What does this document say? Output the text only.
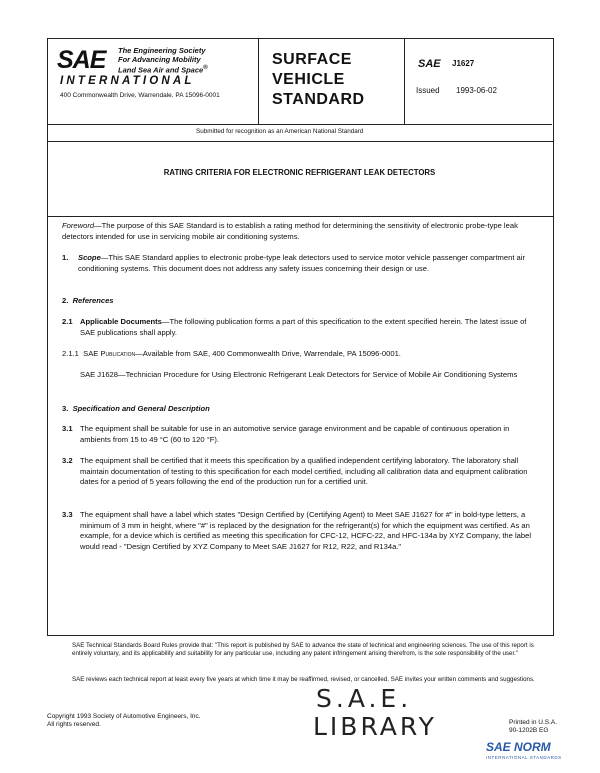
SAE The Engineering Society
For Advancing Mobility
Land Sea Air and Space®
INTERNATIONAL
400 Commonwealth Drive, Warrendale, PA 15096-0001
SURFACE
VEHICLE
STANDARD
SAE J1627
Issued 1993-06-02
Submitted for recognition as an American National Standard
RATING CRITERIA FOR ELECTRONIC REFRIGERANT LEAK DETECTORS
Foreword—The purpose of this SAE Standard is to establish a rating method for determining the sensitivity of electronic probe-type leak detectors intended for use in servicing mobile air conditioning systems.
1. Scope—This SAE Standard applies to electronic probe-type leak detectors used to service motor vehicle passenger compartment air conditioning systems. This document does not address any safety issues concerning their design or use.
2. References
2.1 Applicable Documents—The following publication forms a part of this specification to the extent specified herein. The latest issue of SAE publications shall apply.
2.1.1 SAE Publication—Available from SAE, 400 Commonwealth Drive, Warrendale, PA 15096-0001.
SAE J1628—Technician Procedure for Using Electronic Refrigerant Leak Detectors for Service of Mobile Air Conditioning Systems
3. Specification and General Description
3.1 The equipment shall be suitable for use in an automotive service garage environment and be capable of continuous operation in ambients from 15 to 49 °C (60 to 120 °F).
3.2 The equipment shall be certified that it meets this specification by a qualified independent certifying laboratory. The laboratory shall maintain documentation of testing to this specification for each model certified, including all calibration data and equipment calibration dates for a period of 5 years following the end of the production run for a certified unit.
3.3 The equipment shall have a label which states "Design Certified by (Certifying Agent) to Meet SAE J1627 for #" in bold-type letters, a minimum of 3 mm in height, where "#" is replaced by the designation for the refrigerant(s) for which the equipment was certified. As an example, for a device which is certified as meeting this specification for CFC-12, HCFC-22, and HFC-134a by XYZ Company, the label would read - "Design Certified by XYZ Company to Meet SAE J1627 for R12, R22, and R134a."
SAE Technical Standards Board Rules provide that: "This report is published by SAE to advance the state of technical and engineering sciences. The use of this report is entirely voluntary, and its applicability and suitability for any particular use, including any patent infringement arising therefrom, is the sole responsibility of the user."
SAE reviews each technical report at least every five years at which time it may be reaffirmed, revised, or cancelled. SAE invites your written comments and suggestions.
Copyright 1993 Society of Automotive Engineers, Inc.
All rights reserved.
S.A.E.
LIBRARY	Printed in U.S.A.
90-1202B EG
SAE NORM
INTERNATIONAL STANDARDS
